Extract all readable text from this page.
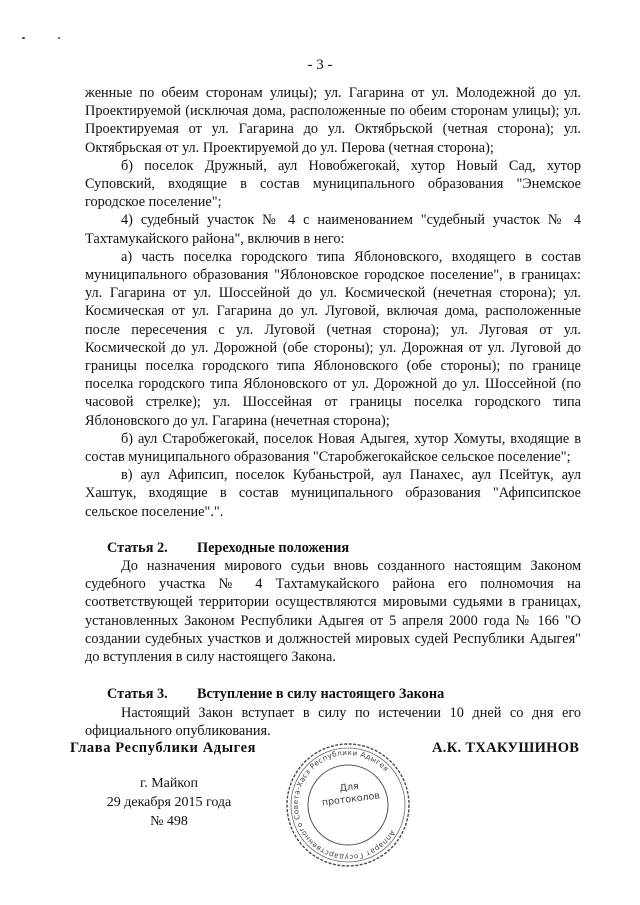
- 3 -

женные по обеим сторонам улицы); ул. Гагарина от ул. Молодежной до ул. Проектируемой (исключая дома, расположенные по обеим сторонам улицы); ул. Проектируемая от ул. Гагарина до ул. Октябрьской (четная сторона); ул. Октябрьская от ул. Проектируемой до ул. Перова (четная сторона);

б) поселок Дружный, аул Новобжегокай, хутор Новый Сад, хутор Суповский, входящие в состав муниципального образования "Энемское городское поселение";

4) судебный участок № 4 с наименованием "судебный участок № 4 Тахтамукайского района", включив в него:

а) часть поселка городского типа Яблоновского, входящего в состав муниципального образования "Яблоновское городское поселение", в границах: ул. Гагарина от ул. Шоссейной до ул. Космической (нечетная сторона); ул. Космическая от ул. Гагарина до ул. Луговой, включая дома, расположенные после пересечения с ул. Луговой (четная сторона); ул. Луговая от ул. Космической до ул. Дорожной (обе стороны); ул. Дорожная от ул. Луговой до границы поселка городского типа Яблоновского (обе стороны); по границе поселка городского типа Яблоновского от ул. Дорожной до ул. Шоссейной (по часовой стрелке); ул. Шоссейная от границы поселка городского типа Яблоновского до ул. Гагарина (нечетная сторона);

б) аул Старобжегокай, поселок Новая Адыгея, хутор Хомуты, входящие в состав муниципального образования "Старобжегокайское сельское поселение";

в) аул Афипсип, поселок Кубаньстрой, аул Панахес, аул Псейтук, аул Хаштук, входящие в состав муниципального образования "Афипсипское сельское поселение".".

Статья 2. Переходные положения

До назначения мирового судьи вновь созданного настоящим Законом судебного участка № 4 Тахтамукайского района его полномочия на соответствующей территории осуществляются мировыми судьями в границах, установленных Законом Республики Адыгея от 5 апреля 2000 года № 166 "О создании судебных участков и должностей мировых судей Республики Адыгея" до вступления в силу настоящего Закона.

Статья 3. Вступление в силу настоящего Закона

Настоящий Закон вступает в силу по истечении 10 дней со дня его официального опубликования.

Глава Республики Адыгея	А.К. ТХАКУШИНОВ
г. Майкоп
29 декабря 2015 года
№ 498
Аппарат Государственного Совета-Хасэ Республики Адыгея
Для
протоколов
